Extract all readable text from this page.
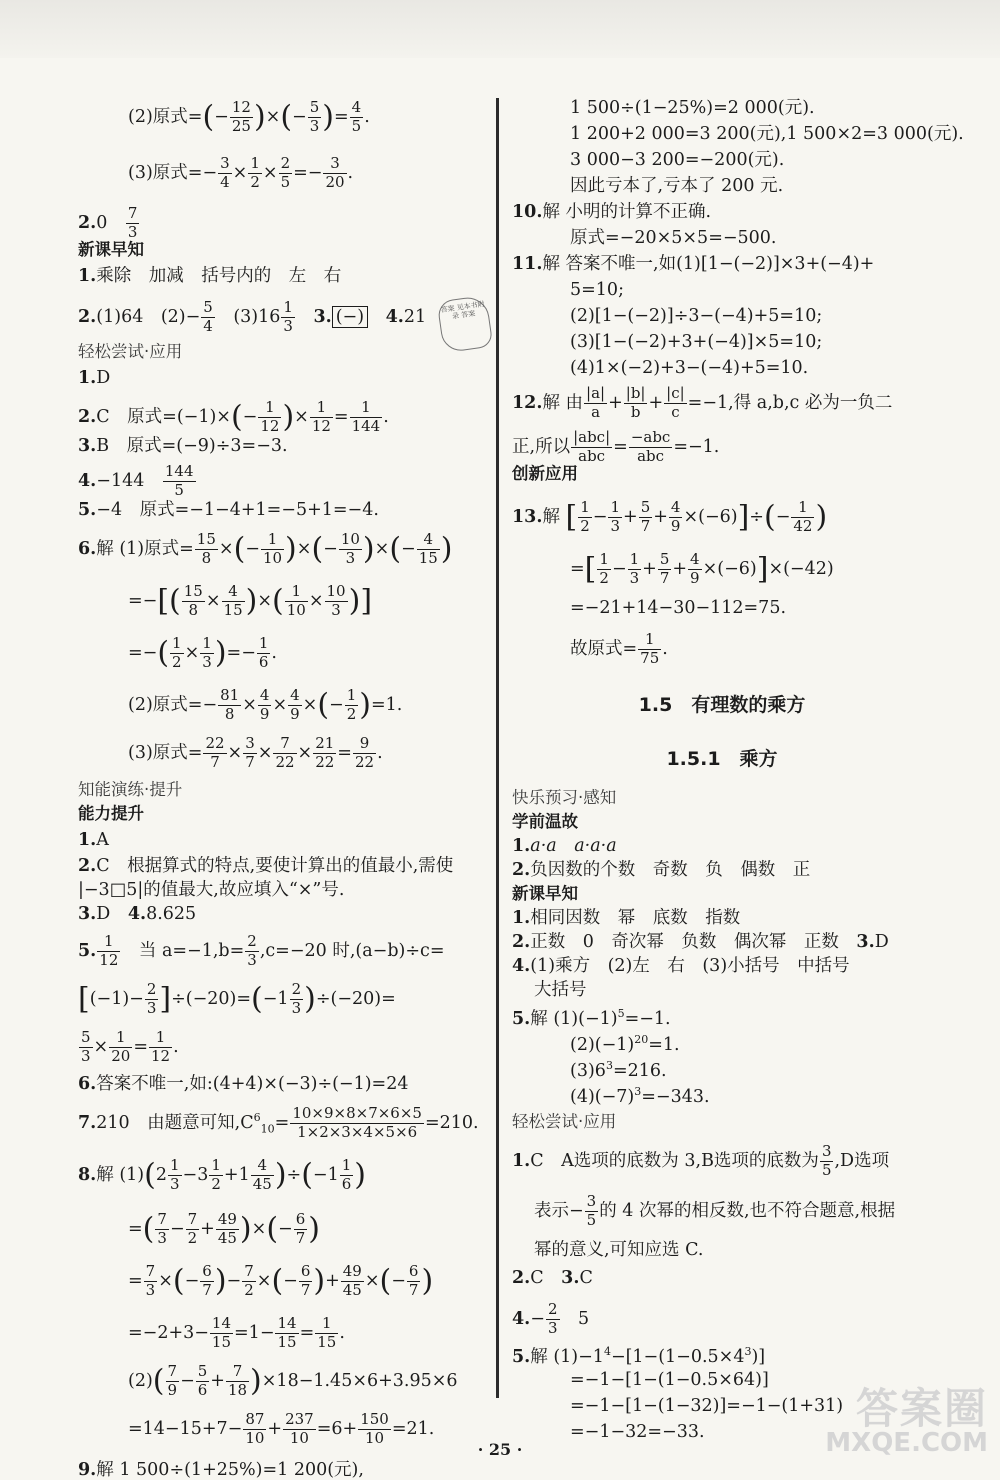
(2)原式=(− $\frac{12}{25}$ )×(− $\frac{5}{3}$ )= $\frac{4}{5}$ .
(3)原式=− $\frac{3}{4} \times \frac{1}{2} \times \frac{2}{5} =- \frac{3}{20}$ .
2.0　 $\frac{7}{3}$
新课早知
1.乘除　加减　括号内的　左　右
2.(1)64　$(2)- \frac{5}{4}$ 　$(3)16 \frac{1}{3}$
　 3. (−)　 4.21
轻松尝试·应用
1.D
2.C　原式$=(-1)\times(- \frac{1}{12}$ )× $\frac{1}{12} = \frac{1}{144}$ .
3.B　原式=(−9)÷3=−3.
4.−144　 $\frac{144}{5}$
5.−4　原式=−1−4+1=−5+1=−4.
6.解 (1)原式= $\frac{15}{8}$ ×(− $\frac{1}{10}$ )×(− $\frac{10}{3}$ )×(− $\frac{4}{15}$ )
=−[( $\frac{15}{8} \times \frac{4}{15}$ )×( $\frac{1}{10} \times \frac{10}{3}$ )]
=−( $\frac{1}{2} \times \frac{1}{3}$ )=− $\frac{1}{6}$ .
(2)原式=− $\frac{81}{8} \times \frac{4}{9} \times \frac{4}{9}$ ×(− $\frac{1}{2} )=1$.
(3)原式= $\frac{22}{7} \times \frac{3}{7} \times \frac{7}{22} \times \frac{21}{22} = \frac{9}{22}$ .
知能演练·提升
能力提升
1.A
2.C　根据算式的特点,要使计算出的值最小,需使
|−3□5|的值最大,故应填入“×”号.
3.D　4.8.625
5. $\frac{1}{12}$ 　当 $a=-1,b= \frac{2}{3} ,c=-20$ 时,(a−b)÷c=
$[(-1)- \frac{2}{3} ]\div(-20)=(-1 \frac{2}{3} )\div(-20)=$
$\frac{5}{3} \times \frac{1}{20} = \frac{1}{12}$ .
6.答案不唯一,如:(4+4)×(−3)÷(−1)=24
7.210　由题意可知$,C^6_{10}= \frac{10\times 9\times 8\times 7\times 6\times 5}{1\times 2\times 3\times 4\times 5\times 6} =210$.
8.解 $(1)(2 \frac{1}{3} -3 \frac{1}{2} +1 \frac{4}{45} )\div(-1 \frac{1}{6}$ )
=( $\frac{7}{3} - \frac{7}{2} + \frac{49}{45}$ )×(− $\frac{6}{7}$ )
= $\frac{7}{3}$ ×(− $\frac{6}{7}$ )− $\frac{7}{2}$ ×(− $\frac{6}{7}$ )+ $\frac{49}{45}$ ×(− $\frac{6}{7}$ )
$=-2+3- \frac{14}{15} =1- \frac{14}{15} = \frac{1}{15}$ .
$(2)( \frac{7}{9} - \frac{5}{6} + \frac{7}{18} )\times 18-1.45\times 6+3.95\times 6$
$=14-15+7- \frac{87}{10} + \frac{237}{10} =6+ \frac{150}{10} =21$.
9.解 1 500÷(1+25%)=1 200(元),
答案 见本书附录 答案
1 500÷(1−25%)=2 000(元).
1 200+2 000=3 200(元),1 500×2=3 000(元).
3 000−3 200=−200(元).
因此亏本了,亏本了 200 元.
10.解 小明的计算不正确.
原式=−20×5×5=−500.
11.解 答案不唯一,如(1)[1−(−2)]×3+(−4)+
5=10;
(2)[1−(−2)]÷3−(−4)+5=10;
(3)[1−(−2)+3+(−4)]×5=10;
(4)1×(−2)+3−(−4)+5=10.
12.解 由 $\frac{|a|}{a} + \frac{|b|}{b} + \frac{|c|}{c} =-1$,得 a,b,c 必为一负二
正,所以 $\frac{\text{|abc|}}{\text{abc}} = \frac{\text{−abc}}{\text{abc}} =-1$.
创新应用
13.解 [ $\frac{1}{2} - \frac{1}{3} + \frac{5}{7} + \frac{4}{9} \times(-6)]\div(- \frac{1}{42}$ )
=[ $\frac{1}{2} - \frac{1}{3} + \frac{5}{7} + \frac{4}{9} \times(-6)]\times(-42)$
=−21+14−30−112=75.
故原式= $\frac{1}{75}$ .
1.5　有理数的乘方
1.5.1　乘方
快乐预习·感知
学前温故
1.a·a　a·a·a
2.负因数的个数　奇数　负　偶数　正
新课早知
1.相同因数　幂　底数　指数
2.正数　0　奇次幂　负数　偶次幂　正数　 3.D
4.(1)乘方　(2)左　右　(3)小括号　中括号
大括号
5.解 $(1)(-1)^5=-1$.
$(2)(-1)^{20}=1$.
$(3)6^3=216$.
$(4)(-7)^3=-343$.
轻松尝试·应用
1.C　A选项的底数为 3,B选项的底数为 $\frac{3}{5} ,D$选项
表示− $\frac{3}{5}$ 的 4 次幂的相反数,也不符合题意,根据
幂的意义,可知应选 C.
2.C　3.C
$4.- \frac{2}{3}$ 　5
5.解 $(1)-1^4-[1-(1-0.5\times 4^3)]$
=−1−[1−(1−0.5×64)]
=−1−[1−(1−32)]=−1−(1+31)
=−1−32=−33.
· 25 ·
答案圈
MXQE.COM
